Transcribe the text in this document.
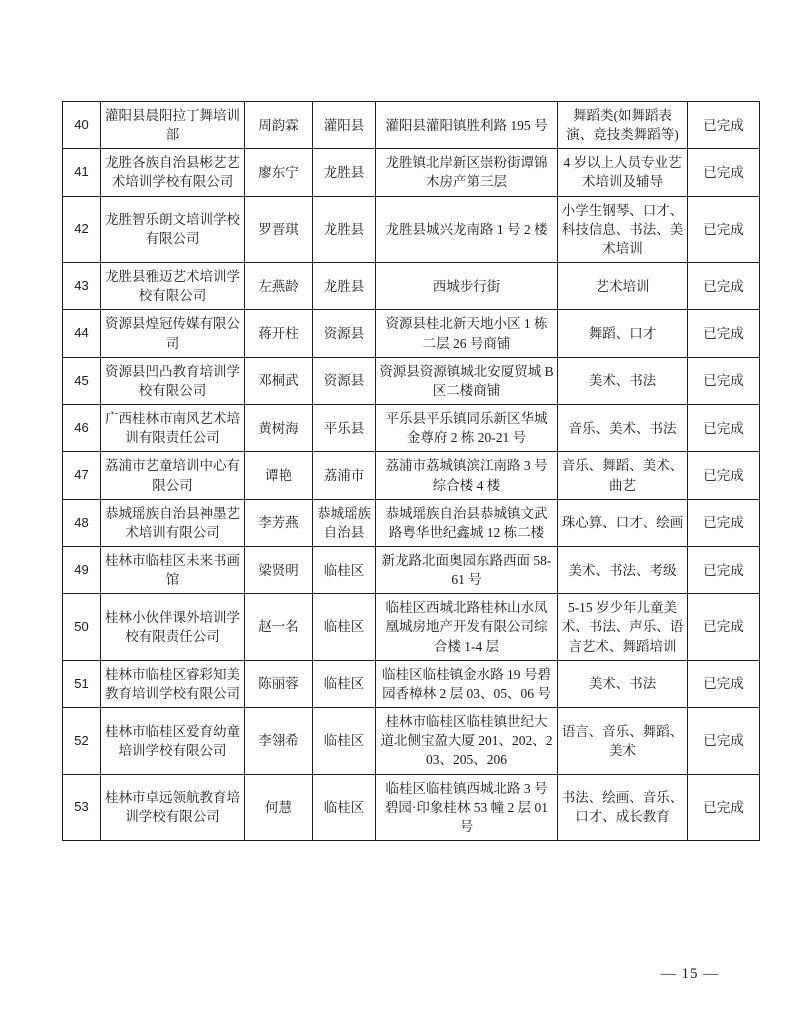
40	灌阳县晨阳拉丁舞培训部	周韵霖	灌阳县	灌阳县灌阳镇胜利路 195 号	舞蹈类(如舞蹈表演、竞技类舞蹈等)	已完成
41	龙胜各族自治县彬艺艺术培训学校有限公司	廖东宁	龙胜县	龙胜镇北岸新区崇粉街谭锦木房产第三层	4 岁以上人员专业艺术培训及辅导	已完成
42	龙胜智乐朗文培训学校有限公司	罗晋琪	龙胜县	龙胜县城兴龙南路 1 号 2 楼	小学生钢琴、口才、科技信息、书法、美术培训	已完成
43	龙胜县雅迈艺术培训学校有限公司	左燕龄	龙胜县	西城步行街	艺术培训	已完成
44	资源县煌冠传媒有限公司	蒋开柱	资源县	资源县桂北新天地小区 1 栋二层 26 号商铺	舞蹈、口才	已完成
45	资源县凹凸教育培训学校有限公司	邓桐武	资源县	资源县资源镇城北安厦贸城 B 区二楼商铺	美术、书法	已完成
46	广西桂林市南风艺术培训有限责任公司	黄树海	平乐县	平乐县平乐镇同乐新区华城金尊府 2 栋 20-21 号	音乐、美术、书法	已完成
47	荔浦市艺童培训中心有限公司	谭艳	荔浦市	荔浦市荔城镇滨江南路 3 号综合楼 4 楼	音乐、舞蹈、美术、曲艺	已完成
48	恭城瑶族自治县神墨艺术培训有限公司	李芳燕	恭城瑶族自治县	恭城瑶族自治县恭城镇文武路粤华世纪鑫城 12 栋二楼	珠心算、口才、绘画	已完成
49	桂林市临桂区未来书画馆	梁贤明	临桂区	新龙路北面奥园东路西面 58-61 号	美术、书法、考级	已完成
50	桂林小伙伴课外培训学校有限责任公司	赵一名	临桂区	临桂区西城北路桂林山水凤凰城房地产开发有限公司综合楼 1-4 层	5-15 岁少年儿童美术、书法、声乐、语言艺术、舞蹈培训	已完成
51	桂林市临桂区睿彩知美教育培训学校有限公司	陈丽蓉	临桂区	临桂区临桂镇金水路 19 号碧园香樟林 2 层 03、05、06 号	美术、书法	已完成
52	桂林市临桂区爱育幼童培训学校有限公司	李翎希	临桂区	桂林市临桂区临桂镇世纪大道北侧宝盈大厦 201、202、203、205、206	语言、音乐、舞蹈、美术	已完成
53	桂林市卓远领航教育培训学校有限公司	何慧	临桂区	临桂区临桂镇西城北路 3 号碧园·印象桂林 53 幢 2 层 01 号	书法、绘画、音乐、口才、成长教育	已完成
— 15 —
